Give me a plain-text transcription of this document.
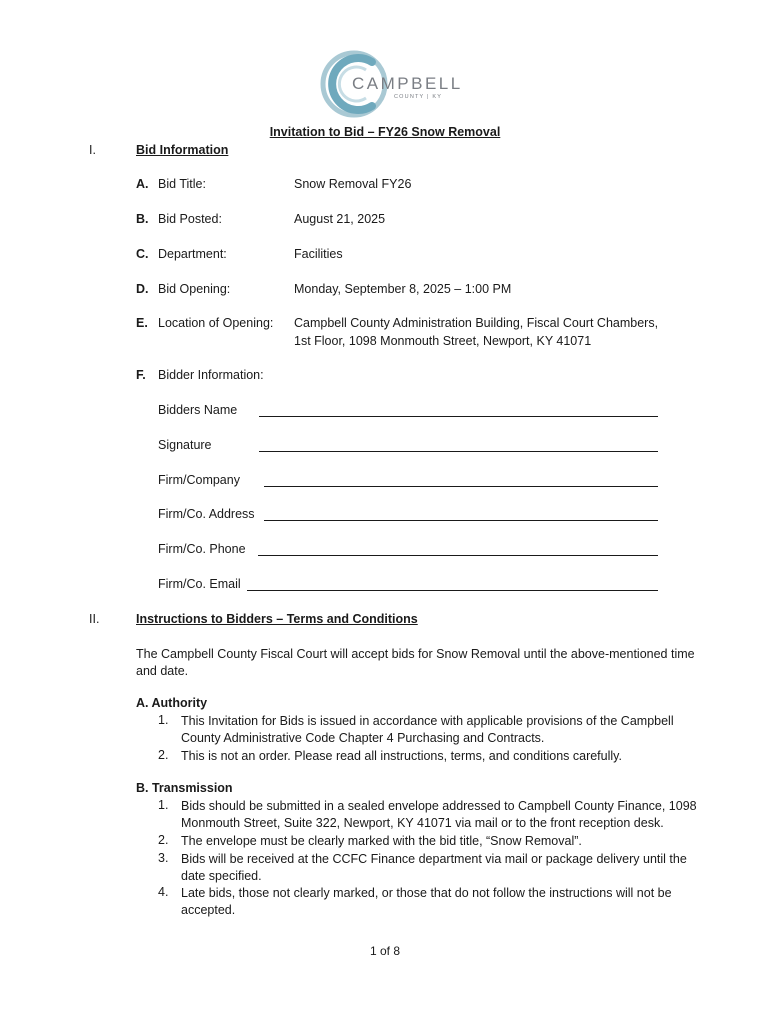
CAMPBELL
COUNTY | KY
Invitation to Bid – FY26 Snow Removal
I.	Bid Information
A. Bid Title:	Snow Removal FY26
B. Bid Posted:	August 21, 2025
C. Department:	Facilities
D. Bid Opening:	Monday, September 8, 2025 – 1:00 PM
E. Location of Opening: Campbell County Administration Building, Fiscal Court Chambers,
1st Floor, 1098 Monmouth Street, Newport, KY 41071
F. Bidder Information:
Bidders Name
Signature
Firm/Company
Firm/Co. Address
Firm/Co. Phone
Firm/Co. Email
II.	Instructions to Bidders – Terms and Conditions
The Campbell County Fiscal Court will accept bids for Snow Removal until the above-mentioned time
and date.
A. Authority
1.	This Invitation for Bids is issued in accordance with applicable provisions of the Campbell
County Administrative Code Chapter 4 Purchasing and Contracts.
2.	This is not an order. Please read all instructions, terms, and conditions carefully.
B. Transmission
1.	Bids should be submitted in a sealed envelope addressed to Campbell County Finance, 1098
Monmouth Street, Suite 322, Newport, KY 41071 via mail or to the front reception desk.
2.	The envelope must be clearly marked with the bid title, “Snow Removal”.
3.	Bids will be received at the CCFC Finance department via mail or package delivery until the
date specified.
4.	Late bids, those not clearly marked, or those that do not follow the instructions will not be
accepted.
1 of 8
